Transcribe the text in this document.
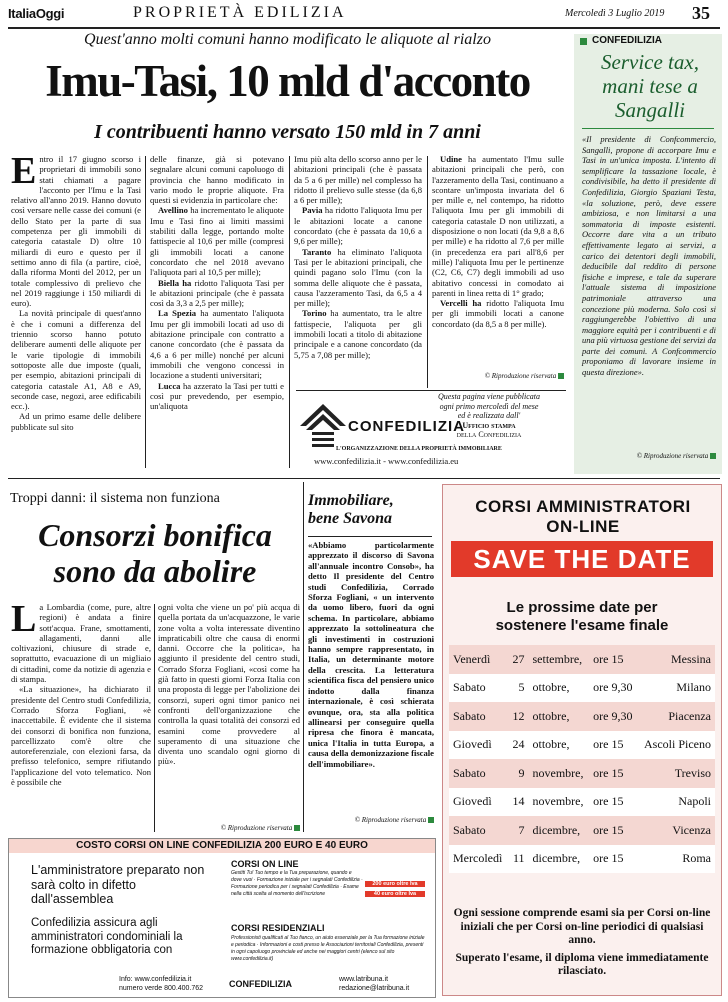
ItaliaOggi	PROPRIETÀ EDILIZIA	Mercoledì 3 Luglio 2019 35
Quest'anno molti comuni hanno modificato le aliquote al rialzo
Imu-Tasi, 10 mld d'acconto
I contribuenti hanno versato 150 mld in 7 anni

Entro il 17 giugno scorso i proprietari di immobili sono stati chiamati a pagare l'acconto per l'Imu e la Tasi relativo all'anno 2019. Hanno dovuto così versare nelle casse dei comuni (e dello Stato per la parte di sua competenza per gli immobili di categoria catastale D) oltre 10 miliardi di euro e questo per il settimo anno di fila (a partire, cioè, dalla riforma Monti del 2012, per un totale complessivo di prelievo che nel 2019 raggiunge i 150 miliardi di euro).

La novità principale di quest'anno è che i comuni a differenza del triennio scorso hanno potuto deliberare aumenti delle aliquote per le varie tipologie di immobili sottoposte alle due imposte (quali, per esempio, abitazioni principali di categoria catastale A1, A8 e A9, seconde case, negozi, aree edificabili ecc.).

Ad un primo esame delle delibere pubblicate sul sito

delle finanze, già si potevano segnalare alcuni comuni capoluogo di provincia che hanno modificato in vario modo le proprie aliquote. Fra questi si evidenzia in particolare che:

Avellino ha incrementato le aliquote Imu e Tasi fino ai limiti massimi stabiliti dalla legge, portando molte fattispecie al 10,6 per mille (compresi gli immobili locati a canone concordato che nel 2018 avevano l'aliquota pari al 10,5 per mille);

Biella ha ridotto l'aliquota Tasi per le abitazioni principale (che è passata così da 3,3 a 2,5 per mille);

La Spezia ha aumentato l'aliquota Imu per gli immobili locati ad uso di abitazione principale con contratto a canone concordato (che è passata da 4,6 a 6 per mille) nonché per alcuni immobili che vengono concessi in locazione a studenti universitari;

Lucca ha azzerato la Tasi per tutti e così pur prevedendo, per esempio, un'aliquota

Imu più alta dello scorso anno per le abitazioni principali (che è passata da 5 a 6 per mille) nel complesso ha ridotto il prelievo sulle stesse (da 6,8 a 6 per mille);

Pavia ha ridotto l'aliquota Imu per le abitazioni locate a canone concordato (che è passata da 10,6 a 9,6 per mille);

Taranto ha eliminato l'aliquota Tasi per le abitazioni principali, che quindi pagano solo l'Imu (con la somma delle aliquote che è passata, causa l'azzeramento Tasi, da 6,5 a 4 per mille);

Torino ha aumentato, tra le altre fattispecie, l'aliquota per gli immobili locati a titolo di abitazione principale e a canone concordato (da 5,75 a 7,08 per mille);

Udine ha aumentato l'Imu sulle abitazioni principali che però, con l'azzeramento della Tasi, continuano a scontare un'imposta invariata del 6 per mille e, nel contempo, ha ridotto l'aliquota Imu per gli immobili di categoria catastale D non utilizzati, a disposizione o non locati (da 9,8 a 8,6 per mille) e ha ridotto al 7,6 per mille (in precedenza era pari all'8,6 per mille) l'aliquota Imu per le pertinenze (C2, C6, C7) degli immobili ad uso abitativo concessi in comodato ai parenti in linea retta di 1° grado;

Vercelli ha ridotto l'aliquota Imu per gli immobili locati a canone concordato (da 8,5 a 8 per mille).

© Riproduzione riservata
Questa pagina viene pubblicata
ogni primo mercoledì del mese
ed è realizzata dall'
Ufficio stampa
della Confedilizia
CONFEDILIZIA
L'ORGANIZZAZIONE DELLA PROPRIETÀ IMMOBILIARE
www.confedilizia.it - www.confedilizia.eu
CONFEDILIZIA
Service tax, mani tese a Sangalli
«Il presidente di Confcommercio, Sangalli, propone di accorpare Imu e Tasi in un'unica imposta. L'intento di semplificare la tassazione locale, è condivisibile, ha detto il presidente di Confedilizia, Giorgio Spaziani Testa, «la soluzione, però, deve essere ambiziosa, e non limitarsi a una sommatoria di imposte esistenti. Occorre dare vita a un tributo effettivamente legato ai servizi, a carico dei detentori degli immobili, deducibile dal reddito di persone fisiche e imprese, e tale da superare l'attuale sistema di imposizione patrimoniale attraverso una concezione più moderna. Solo così si raggiungerebbe l'obiettivo di una maggiore equità per i contribuenti e di una più virtuosa gestione dei servizi da parte dei comuni. A Confcommercio proponiamo di lavorare insieme in questa direzione».
© Riproduzione riservata
Troppi danni: il sistema non funziona
Consorzi bonifica sono da abolire

La Lombardia (come, pure, altre regioni) è andata a finire sott'acqua. Frane, smottamenti, allagamenti, danni alle coltivazioni, chiusure di strade e, soprattutto, evacuazione di un migliaio di cittadini, come da notizie di agenzia e di stampa.

«La situazione», ha dichiarato il presidente del Centro studi Confedilizia, Corrado Sforza Fogliani, «è inaccettabile. È evidente che il sistema dei consorzi di bonifica non funziona, parcellizzato com'è oltre che autoreferenziale, con elezioni farsa, da prefisso telefonico, sempre rifiutando l'applicazione del voto telematico. Non è possibile che

ogni volta che viene un po' più acqua di quella portata da un'acquazzone, le varie zone volta a volta interessate diventino impraticabili oltre che causa di enormi danni. Occorre che la politica», ha aggiunto il presidente del centro studi, Corrado Sforza Fogliani, «così come ha già fatto in questi giorni Forza Italia con una proposta di legge per l'abolizione dei consorzi, superi ogni timor panico nei confronti dell'organizzazione che controlla la quasi totalità dei consorzi ed esamini come provvedere al superamento di una situazione che diventa uno scandalo ogni giorno di più».

© Riproduzione riservata
Immobiliare, bene Savona
«Abbiamo particolarmente apprezzato il discorso di Savona all'annuale incontro Consob», ha detto Il presidente del Centro studi Confedilizia, Corrado Sforza Fogliani, « un intervento da uomo libero, fuori da ogni schema. In particolare, abbiamo apprezzato la sottolineatura che gli investimenti in costruzioni hanno sempre rappresentato, in Italia, un determinante motore della crescita. La letteratura scientifica fisca del pensiero unico indotto dalla finanza internazionale, è così schierata ovunque, ora, sta alla politica allinearsi per conseguire quella ripresa che finora è mancata, unica l'Italia in tutta Europa, a causa della demonizzazione fiscale dell'immobiliare».
© Riproduzione riservata
CORSI AMMINISTRATORI ON-LINE
SAVE THE DATE
Le prossime date per sostenere l'esame finale
Venerdì	27	settembre,	ore 15	Messina
Sabato	5	ottobre,	ore 9,30	Milano
Sabato	12	ottobre,	ore 9,30	Piacenza
Giovedì	24	ottobre,	ore 15	Ascoli Piceno
Sabato	9	novembre,	ore 15	Treviso
Giovedì	14	novembre,	ore 15	Napoli
Sabato	7	dicembre,	ore 15	Vicenza
Mercoledì	11	dicembre,	ore 15	Roma
Ogni sessione comprende esami sia per Corsi on-line iniziali che per Corsi on-line periodici di qualsiasi anno.
Superato l'esame, il diploma viene immediatamente rilasciato.
COSTO CORSI ON LINE CONFEDILIZIA 200 EURO E 40 EURO
L'amministratore preparato non sarà colto in difetto dall'assemblea
Confedilizia assicura agli amministratori condominiali la formazione obbligatoria con
CORSI ON LINE
Gestiti Tu! Tuo tempo e la Tua preparazione, quando e dove vuoi · Formazione iniziale per i segnalati Confedilizia · Formazione periodica per i segnalati Confedilizia · Esame nella città scelta al momento dell'iscrizione
200 euro oltre Iva
40 euro oltre Iva
CORSI RESIDENZIALI
Professionisti qualificati al Tuo fianco, un aiuto essenziale per la Tua formazione iniziale e periodica · Informazioni e costi presso le Associazioni territoriali Confedilizia, presenti in ogni capoluogo provinciale ed anche nei maggiori centri (elenco sul sito www.confedilizia.it)
Info: www.confedilizia.it
numero verde 800.400.762	CONFEDILIZIA	www.latribuna.it
redazione@latribuna.it
